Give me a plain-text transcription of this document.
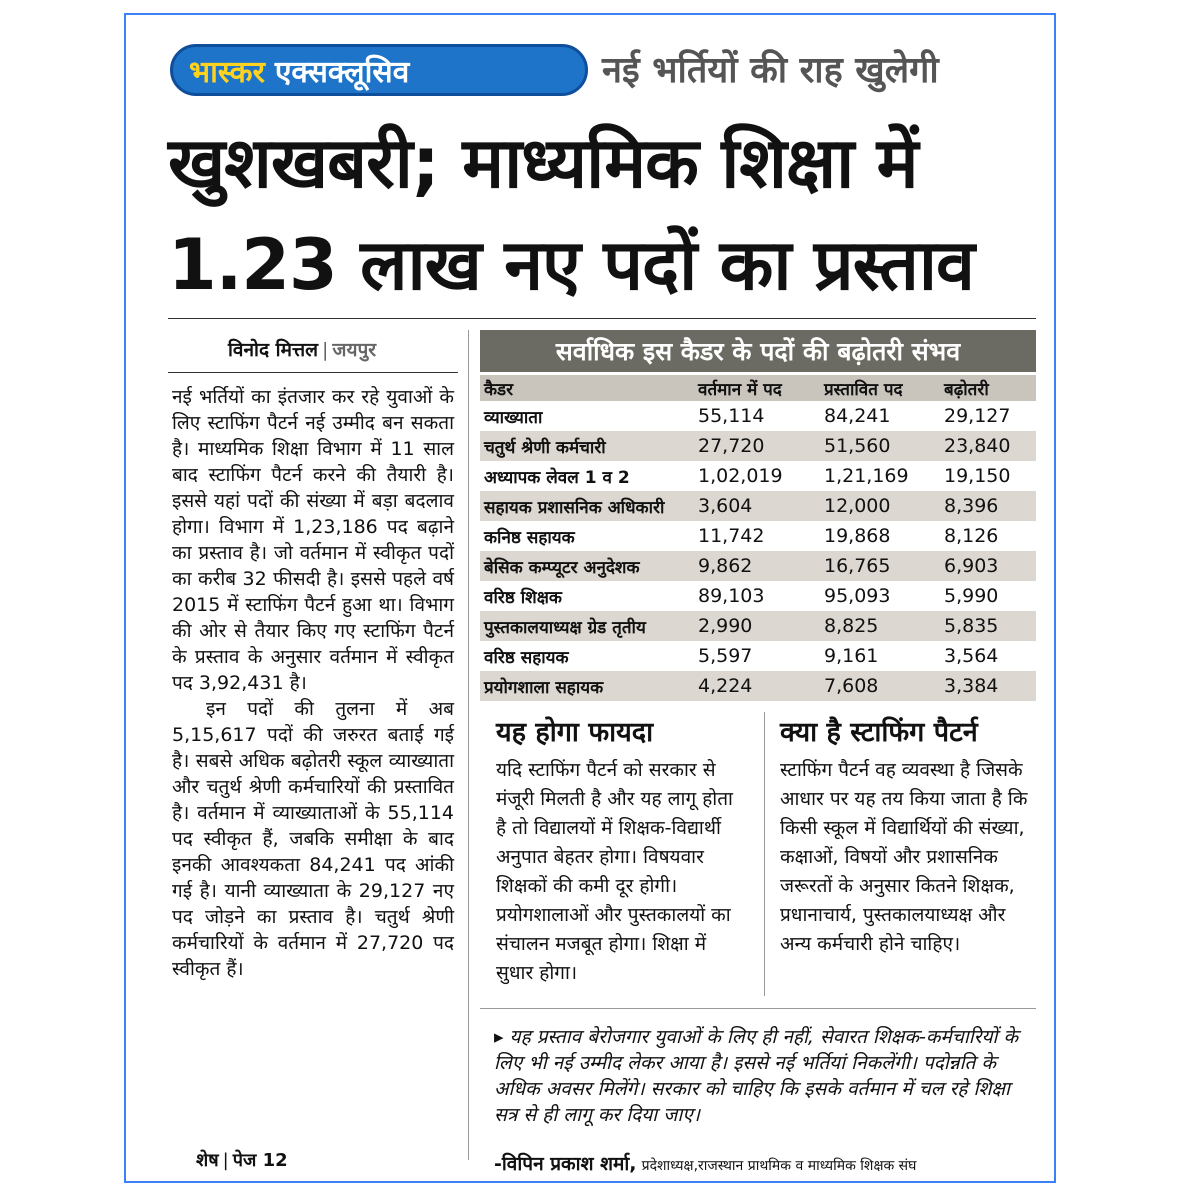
भास्कर एक्सक्लूसिव	नई भर्तियों की राह खुलेगी
खुशखबरी; माध्यमिक शिक्षा में
1.23 लाख नए पदों का प्रस्ताव
विनोद मित्तल | जयपुर

नई भर्तियों का इंतजार कर रहे युवाओं के लिए स्टाफिंग पैटर्न नई उम्मीद बन सकता है। माध्यमिक शिक्षा विभाग में 11 साल बाद स्टाफिंग पैटर्न करने की तैयारी है। इससे यहां पदों की संख्या में बड़ा बदलाव होगा। विभाग में 1,23,186 पद बढ़ाने का प्रस्ताव है। जो वर्तमान में स्वीकृत पदों का करीब 32 फीसदी है। इससे पहले वर्ष 2015 में स्टाफिंग पैटर्न हुआ था। विभाग की ओर से तैयार किए गए स्टाफिंग पैटर्न के प्रस्ताव के अनुसार वर्तमान में स्वीकृत पद 3,92,431 है।

इन पदों की तुलना में अब 5,15,617 पदों की जरुरत बताई गई है। सबसे अधिक बढ़ोतरी स्कूल व्याख्याता और चतुर्थ श्रेणी कर्मचारियों की प्रस्तावित है। वर्तमान में व्याख्याताओं के 55,114 पद स्वीकृत हैं, जबकि समीक्षा के बाद इनकी आवश्यकता 84,241 पद आंकी गई है। यानी व्याख्याता के 29,127 नए पद जोड़ने का प्रस्ताव है। चतुर्थ श्रेणी कर्मचारियों के वर्तमान में 27,720 पद स्वीकृत हैं।

शेष | पेज 12
सर्वाधिक इस कैडर के पदों की बढ़ोतरी संभव
कैडर	वर्तमान में पद	प्रस्तावित पद	बढ़ोतरी
व्याख्याता	55,114	84,241	29,127
चतुर्थ श्रेणी कर्मचारी	27,720	51,560	23,840
अध्यापक लेवल 1 व 2	1,02,019	1,21,169	19,150
सहायक प्रशासनिक अधिकारी	3,604	12,000	8,396
कनिष्ठ सहायक	11,742	19,868	8,126
बेसिक कम्प्यूटर अनुदेशक	9,862	16,765	6,903
वरिष्ठ शिक्षक	89,103	95,093	5,990
पुस्तकालयाध्यक्ष ग्रेड तृतीय	2,990	8,825	5,835
वरिष्ठ सहायक	5,597	9,161	3,564
प्रयोगशाला सहायक	4,224	7,608	3,384
यह होगा फायदा
यदि स्टाफिंग पैटर्न को सरकार से मंजूरी मिलती है और यह लागू होता है तो विद्यालयों में शिक्षक-विद्यार्थी अनुपात बेहतर होगा। विषयवार शिक्षकों की कमी दूर होगी। प्रयोगशालाओं और पुस्तकालयों का संचालन मजबूत होगा। शिक्षा में सुधार होगा।
क्या है स्टाफिंग पैटर्न
स्टाफिंग पैटर्न वह व्यवस्था है जिसके आधार पर यह तय किया जाता है कि किसी स्कूल में विद्यार्थियों की संख्या, कक्षाओं, विषयों और प्रशासनिक जरूरतों के अनुसार कितने शिक्षक, प्रधानाचार्य, पुस्तकालयाध्यक्ष और अन्य कर्मचारी होने चाहिए।
▸ यह प्रस्ताव बेरोजगार युवाओं के लिए ही नहीं, सेवारत शिक्षक-कर्मचारियों के लिए भी नई उम्मीद लेकर आया है। इससे नई भर्तियां निकलेंगी। पदोन्नति के अधिक अवसर मिलेंगे। सरकार को चाहिए कि इसके वर्तमान में चल रहे शिक्षा सत्र से ही लागू कर दिया जाए।
-विपिन प्रकाश शर्मा, प्रदेशाध्यक्ष,राजस्थान प्राथमिक व माध्यमिक शिक्षक संघ
